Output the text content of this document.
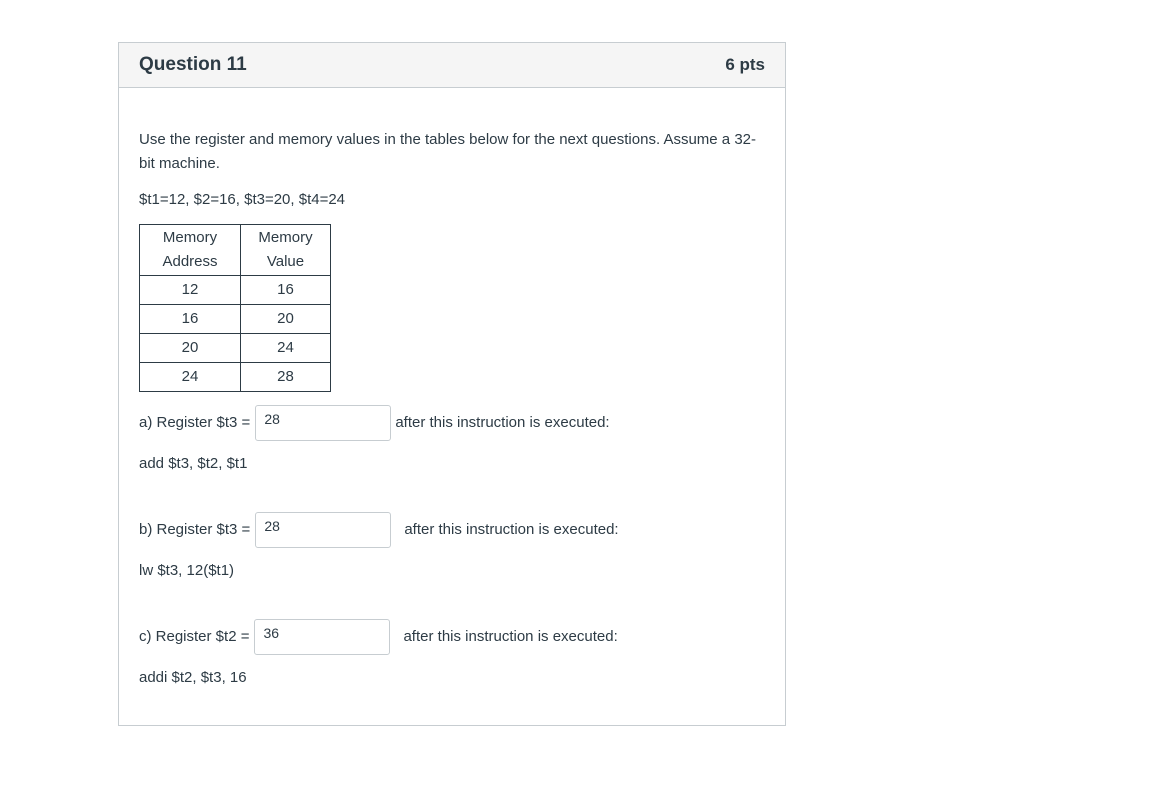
Question 11	6 pts

Use the register and memory values in the tables below for the next questions. Assume a 32-bit machine.

$t1=12, $2=16, $t3=20, $t4=24

Memory Address	Memory Value
12	16
16	20
20	24
24	28
a) Register $t3 =
28	after this instruction is executed:

add $t3, $t2, $t1

b) Register $t3 =
28	after this instruction is executed:

lw $t3, 12($t1)

c) Register $t2 =
36	after this instruction is executed:

addi $t2, $t3, 16
